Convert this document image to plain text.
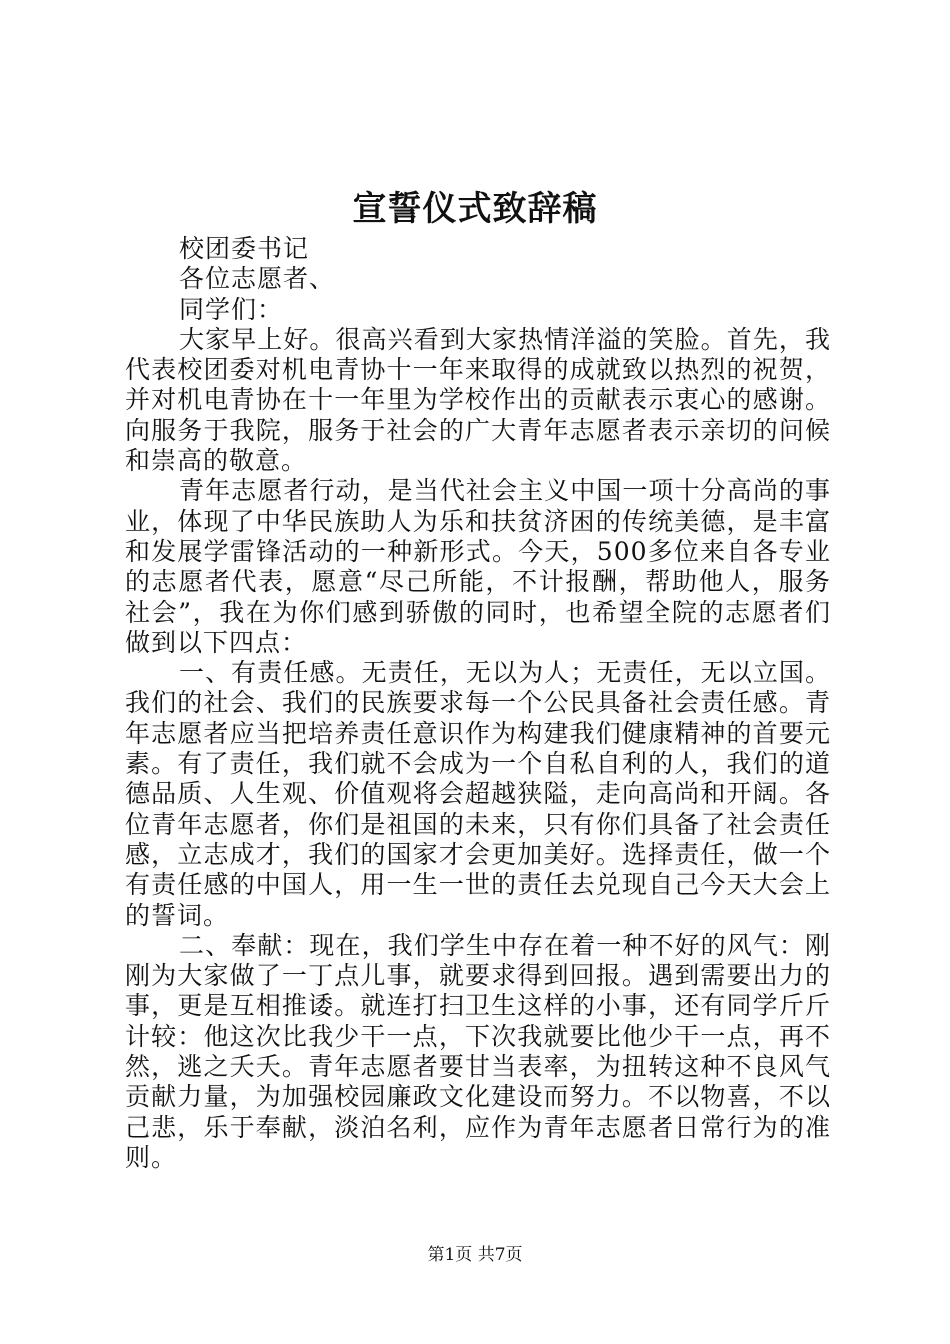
宣誓仪式致辞稿

校团委书记

各位志愿者、

同学们：

大家早上好。很高兴看到大家热情洋溢的笑脸。首先，我代表校团委对机电青协十一年来取得的成就致以热烈的祝贺，并对机电青协在十一年里为学校作出的贡献表示衷心的感谢。向服务于我院，服务于社会的广大青年志愿者表示亲切的问候和崇高的敬意。

青年志愿者行动，是当代社会主义中国一项十分高尚的事业，体现了中华民族助人为乐和扶贫济困的传统美德，是丰富和发展学雷锋活动的一种新形式。今天，500多位来自各专业的志愿者代表，愿意“尽己所能，不计报酬，帮助他人，服务社会”，我在为你们感到骄傲的同时，也希望全院的志愿者们做到以下四点：

一、有责任感。无责任，无以为人；无责任，无以立国。我们的社会、我们的民族要求每一个公民具备社会责任感。青年志愿者应当把培养责任意识作为构建我们健康精神的首要元素。有了责任，我们就不会成为一个自私自利的人，我们的道德品质、人生观、价值观将会超越狭隘，走向高尚和开阔。各位青年志愿者，你们是祖国的未来，只有你们具备了社会责任感，立志成才，我们的国家才会更加美好。选择责任，做一个有责任感的中国人，用一生一世的责任去兑现自己今天大会上的誓词。

二、奉献：现在，我们学生中存在着一种不好的风气：刚刚为大家做了一丁点儿事，就要求得到回报。遇到需要出力的事，更是互相推诿。就连打扫卫生这样的小事，还有同学斤斤计较：他这次比我少干一点，下次我就要比他少干一点，再不然，逃之夭夭。青年志愿者要甘当表率，为扭转这种不良风气贡献力量，为加强校园廉政文化建设而努力。不以物喜，不以己悲，乐于奉献，淡泊名利，应作为青年志愿者日常行为的准则。

第1页 共7页
